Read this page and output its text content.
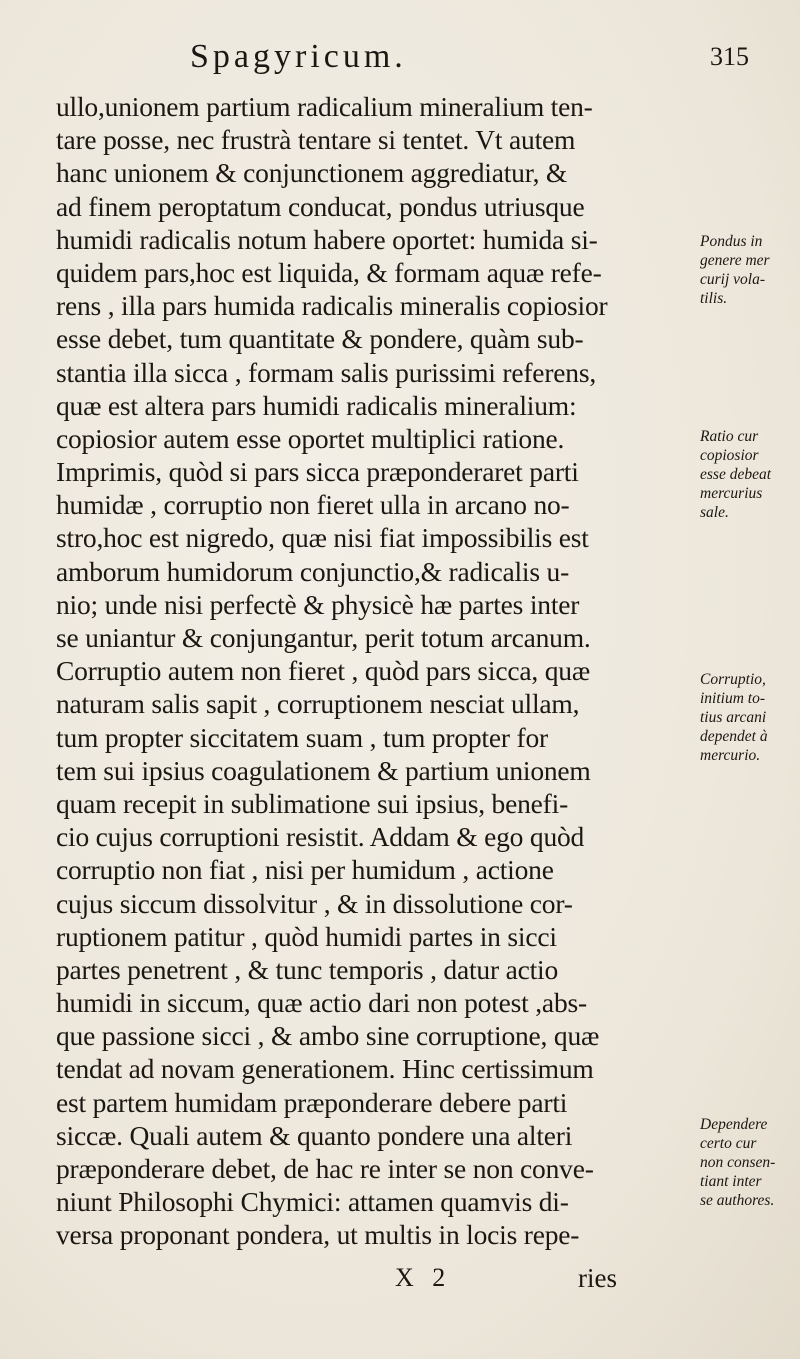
Spagyricum.	315
ullo,unionem partium radicalium mineralium ten-
tare posse, nec frustrà tentare si tentet. Vt autem
hanc unionem & conjunctionem aggrediatur, &
ad finem peroptatum conducat, pondus utriusque
humidi radicalis notum habere oportet: humida si-
quidem pars,hoc est liquida, & formam aquæ refe-
rens , illa pars humida radicalis mineralis copiosior
esse debet, tum quantitate & pondere, quàm sub-
stantia illa sicca , formam salis purissimi referens,
quæ est altera pars humidi radicalis mineralium:
copiosior autem esse oportet multiplici ratione.
Imprimis, quòd si pars sicca præponderaret parti
humidæ , corruptio non fieret ulla in arcano no-
stro,hoc est nigredo, quæ nisi fiat impossibilis est
amborum humidorum conjunctio,& radicalis u-
nio; unde nisi perfectè & physicè hæ partes inter
se uniantur & conjungantur, perit totum arcanum.
Corruptio autem non fieret , quòd pars sicca, quæ
naturam salis sapit , corruptionem nesciat ullam,
tum propter siccitatem suam , tum propter for
tem sui ipsius coagulationem & partium unionem
quam recepit in sublimatione sui ipsius, benefi-
cio cujus corruptioni resistit. Addam & ego quòd
corruptio non fiat , nisi per humidum , actione
cujus siccum dissolvitur , & in dissolutione cor-
ruptionem patitur , quòd humidi partes in sicci
partes penetrent , & tunc temporis , datur actio
humidi in siccum, quæ actio dari non potest ,abs-
que passione sicci , & ambo sine corruptione, quæ
tendat ad novam generationem. Hinc certissimum
est partem humidam præponderare debere parti
siccæ. Quali autem & quanto pondere una alteri
præponderare debet, de hac re inter se non conve-
niunt Philosophi Chymici: attamen quamvis di-
versa proponant pondera, ut multis in locis repe-
Pondus in
genere mer
curij vola-
tilis.
Ratio cur
copiosior
esse debeat
mercurius
sale.
Corruptio,
initium to-
tius arcani
dependet à
mercurio.
Dependere
certo cur
non consen-
tiant inter
se authores.
X 2	ries
